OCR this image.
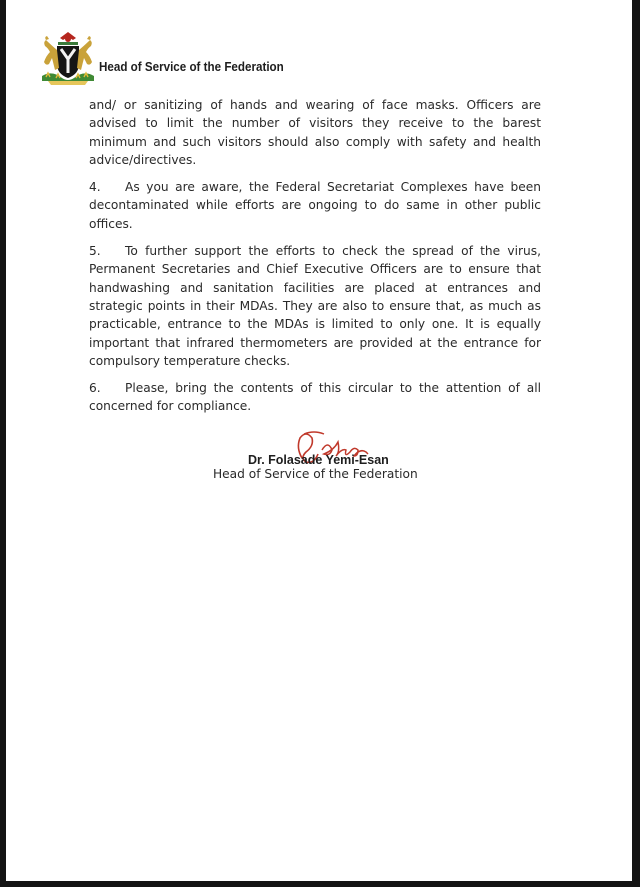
Head of Service of the Federation

and/ or sanitizing of hands and wearing of face masks. Officers are advised to limit the number of visitors they receive to the barest minimum and such visitors should also comply with safety and health advice/directives.

4. As you are aware, the Federal Secretariat Complexes have been decontaminated while efforts are ongoing to do same in other public offices.

5. To further support the efforts to check the spread of the virus, Permanent Secretaries and Chief Executive Officers are to ensure that handwashing and sanitation facilities are placed at entrances and strategic points in their MDAs. They are also to ensure that, as much as practicable, entrance to the MDAs is limited to only one. It is equally important that infrared thermometers are provided at the entrance for compulsory temperature checks.

6. Please, bring the contents of this circular to the attention of all concerned for compliance.

Dr. Folasade Yemi-Esan
Head of Service of the Federation
